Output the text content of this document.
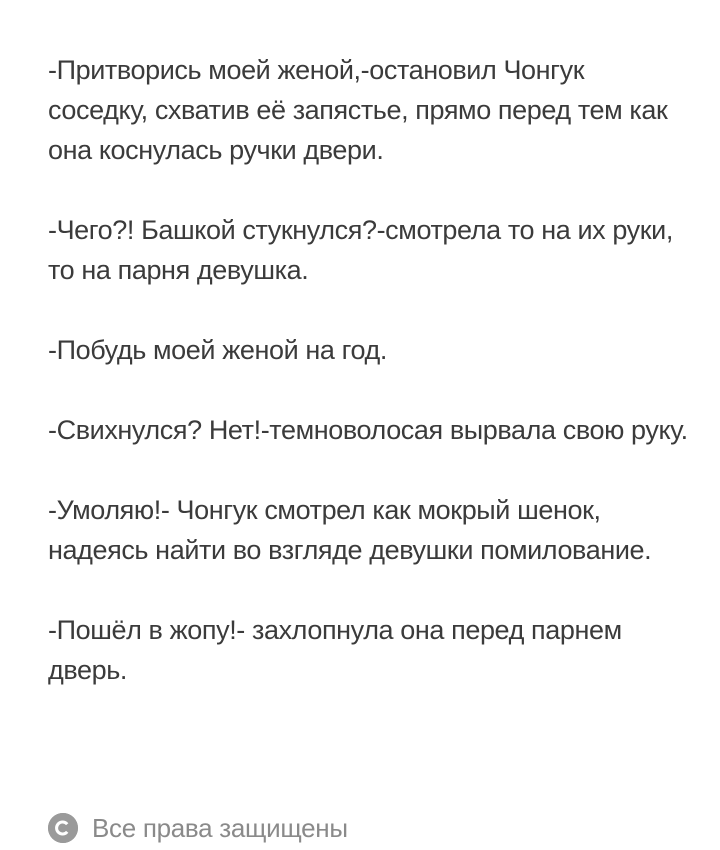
-Притворись моей женой,-остановил Чонгук соседку, схватив её запястье, прямо перед тем как она коснулась ручки двери.

-Чего?! Башкой стукнулся?-смотрела то на их руки, то на парня девушка.

-Побудь моей женой на год.

-Свихнулся? Нет!-темноволосая вырвала свою руку.

-Умоляю!- Чонгук смотрел как мокрый шенок, надеясь найти во взгляде девушки помилование.

-Пошёл в жопу!- захлопнула она перед парнем дверь.

Все права защищены
